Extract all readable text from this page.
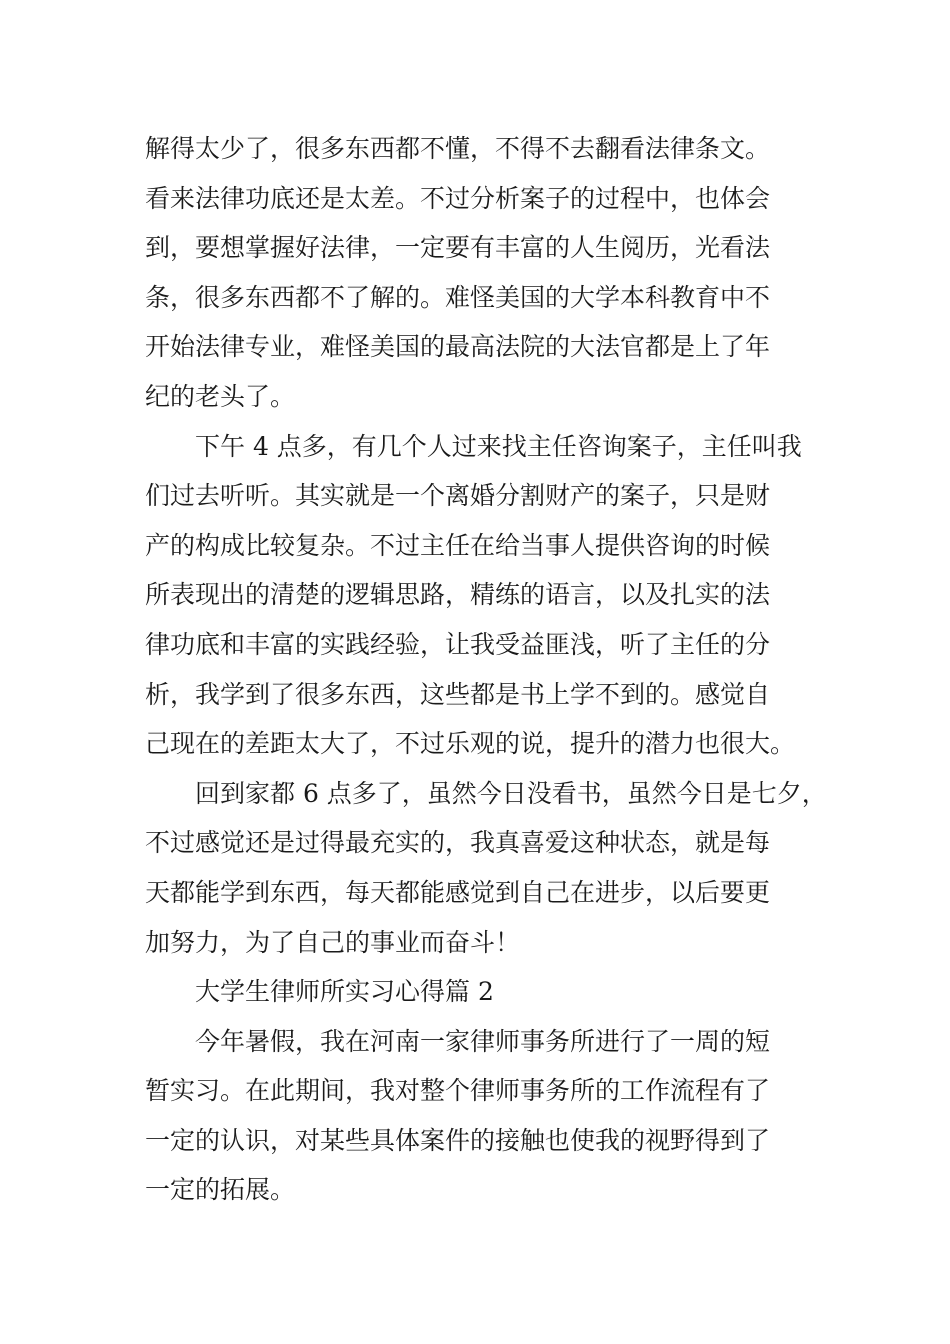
解得太少了，很多东西都不懂，不得不去翻看法律条文。
看来法律功底还是太差。不过分析案子的过程中，也体会
到，要想掌握好法律，一定要有丰富的人生阅历，光看法
条，很多东西都不了解的。难怪美国的大学本科教育中不
开始法律专业，难怪美国的最高法院的大法官都是上了年
纪的老头了。
下午 4 点多，有几个人过来找主任咨询案子，主任叫我
们过去听听。其实就是一个离婚分割财产的案子，只是财
产的构成比较复杂。不过主任在给当事人提供咨询的时候
所表现出的清楚的逻辑思路，精练的语言，以及扎实的法
律功底和丰富的实践经验，让我受益匪浅，听了主任的分
析，我学到了很多东西，这些都是书上学不到的。感觉自
己现在的差距太大了，不过乐观的说，提升的潜力也很大。
回到家都 6 点多了，虽然今日没看书，虽然今日是七夕，
不过感觉还是过得最充实的，我真喜爱这种状态，就是每
天都能学到东西，每天都能感觉到自己在进步，以后要更
加努力，为了自己的事业而奋斗！
大学生律师所实习心得篇 2
今年暑假，我在河南一家律师事务所进行了一周的短
暂实习。在此期间，我对整个律师事务所的工作流程有了
一定的认识，对某些具体案件的接触也使我的视野得到了
一定的拓展。
